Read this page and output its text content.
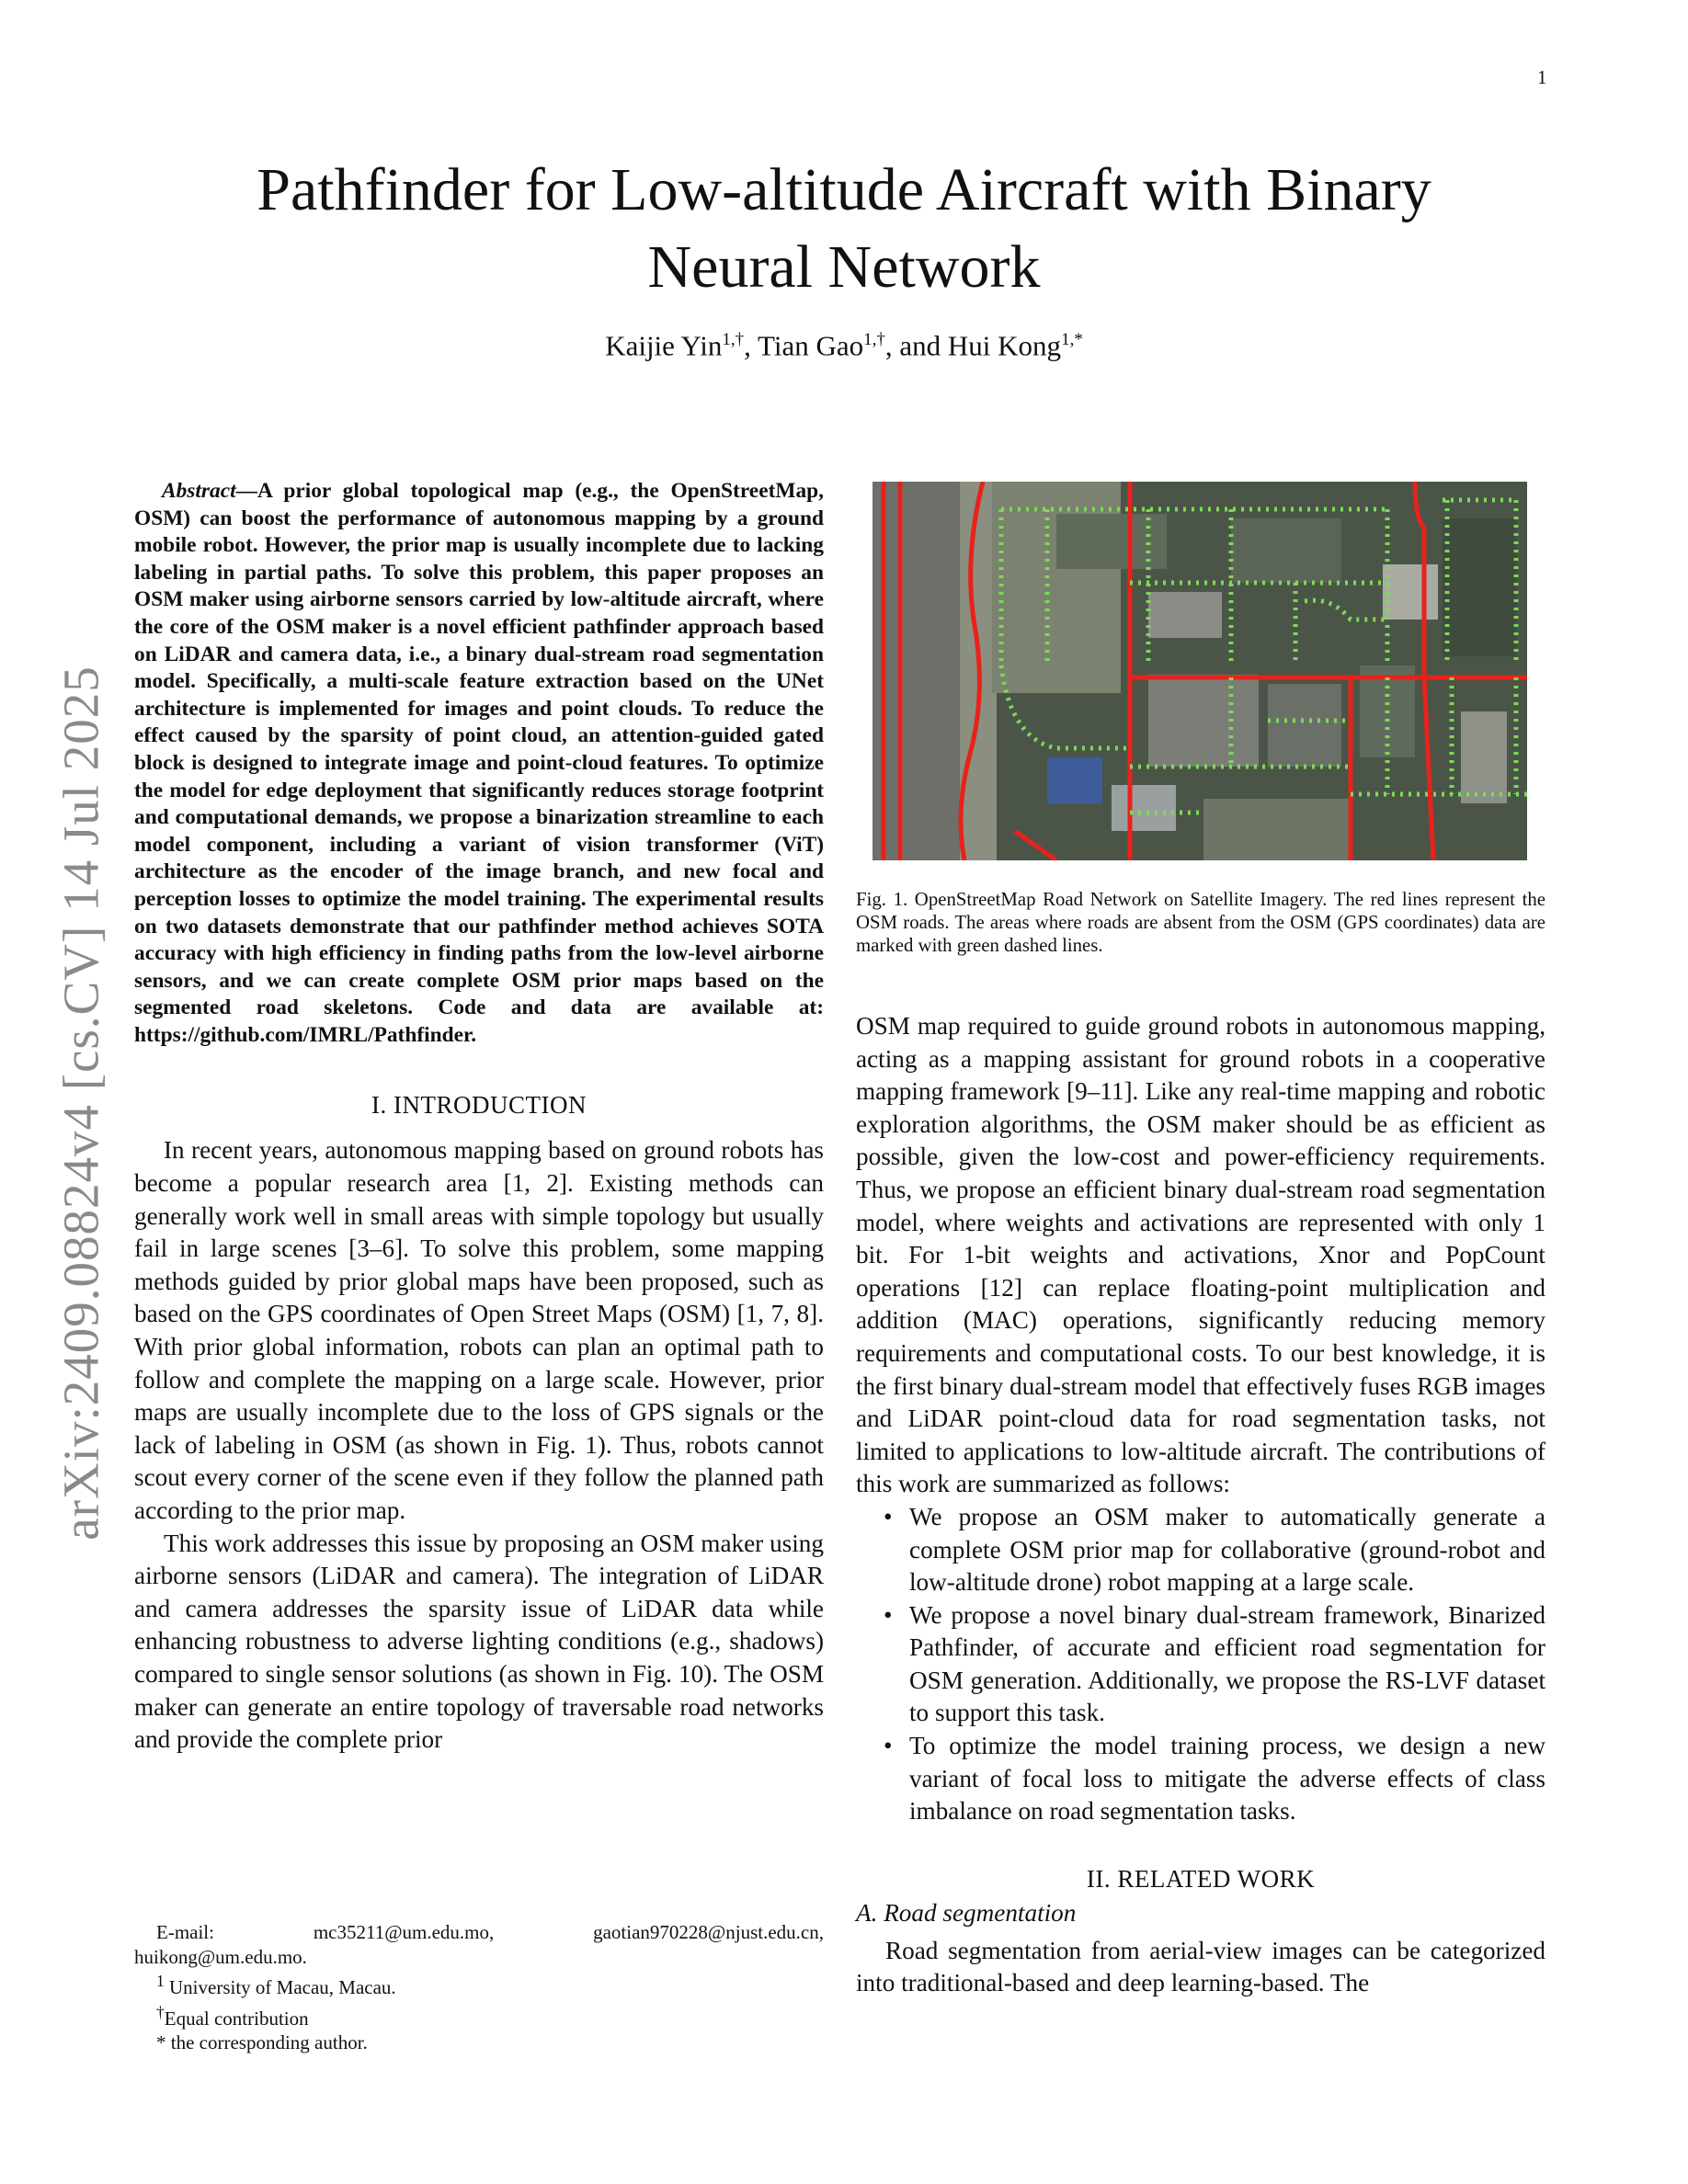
1
arXiv:2409.08824v4 [cs.CV] 14 Jul 2025
Pathfinder for Low-altitude Aircraft with Binary
Neural Network
Kaijie Yin$^{1,\dagger}$, Tian Gao$^{1,\dagger}$, and Hui Kong$^{1,*}$

Abstract—A prior global topological map (e.g., the OpenStreetMap, OSM) can boost the performance of autonomous mapping by a ground mobile robot. However, the prior map is usually incomplete due to lacking labeling in partial paths. To solve this problem, this paper proposes an OSM maker using airborne sensors carried by low-altitude aircraft, where the core of the OSM maker is a novel efficient pathfinder approach based on LiDAR and camera data, i.e., a binary dual-stream road segmentation model. Specifically, a multi-scale feature extraction based on the UNet architecture is implemented for images and point clouds. To reduce the effect caused by the sparsity of point cloud, an attention-guided gated block is designed to integrate image and point-cloud features. To optimize the model for edge deployment that significantly reduces storage footprint and computational demands, we propose a binarization streamline to each model component, including a variant of vision transformer (ViT) architecture as the encoder of the image branch, and new focal and perception losses to optimize the model training. The experimental results on two datasets demonstrate that our pathfinder method achieves SOTA accuracy with high efficiency in finding paths from the low-level airborne sensors, and we can create complete OSM prior maps based on the segmented road skeletons. Code and data are available at: https://github.com/IMRL/Pathfinder.

I. INTRODUCTION

In recent years, autonomous mapping based on ground robots has become a popular research area [1, 2]. Existing methods can generally work well in small areas with simple topology but usually fail in large scenes [3–6]. To solve this problem, some mapping methods guided by prior global maps have been proposed, such as based on the GPS coordinates of Open Street Maps (OSM) [1, 7, 8]. With prior global information, robots can plan an optimal path to follow and complete the mapping on a large scale. However, prior maps are usually incomplete due to the loss of GPS signals or the lack of labeling in OSM (as shown in Fig. 1). Thus, robots cannot scout every corner of the scene even if they follow the planned path according to the prior map.

This work addresses this issue by proposing an OSM maker using airborne sensors (LiDAR and camera). The integration of LiDAR and camera addresses the sparsity issue of LiDAR data while enhancing robustness to adverse lighting conditions (e.g., shadows) compared to single sensor solutions (as shown in Fig. 10). The OSM maker can generate an entire topology of traversable road networks and provide the complete prior

E-mail:	mc35211@um.edu.mo,	gaotian970228@njust.edu.cn,
huikong@um.edu.mo.
$^1$ University of Macau, Macau.
†Equal contribution
* the corresponding author.

Fig. 1. OpenStreetMap Road Network on Satellite Imagery. The red lines represent the OSM roads. The areas where roads are absent from the OSM (GPS coordinates) data are marked with green dashed lines.

OSM map required to guide ground robots in autonomous mapping, acting as a mapping assistant for ground robots in a cooperative mapping framework [9–11]. Like any real-time mapping and robotic exploration algorithms, the OSM maker should be as efficient as possible, given the low-cost and power-efficiency requirements. Thus, we propose an efficient binary dual-stream road segmentation model, where weights and activations are represented with only 1 bit. For 1-bit weights and activations, Xnor and PopCount operations [12] can replace floating-point multiplication and addition (MAC) operations, significantly reducing memory requirements and computational costs. To our best knowledge, it is the first binary dual-stream model that effectively fuses RGB images and LiDAR point-cloud data for road segmentation tasks, not limited to applications to low-altitude aircraft. The contributions of this work are summarized as follows:

• We propose an OSM maker to automatically generate a complete OSM prior map for collaborative (ground-robot and low-altitude drone) robot mapping at a large scale.
• We propose a novel binary dual-stream framework, Binarized Pathfinder, of accurate and efficient road segmentation for OSM generation. Additionally, we propose the RS-LVF dataset to support this task.
• To optimize the model training process, we design a new variant of focal loss to mitigate the adverse effects of class imbalance on road segmentation tasks.
II. RELATED WORK
A. Road segmentation

Road segmentation from aerial-view images can be categorized into traditional-based and deep learning-based. The
